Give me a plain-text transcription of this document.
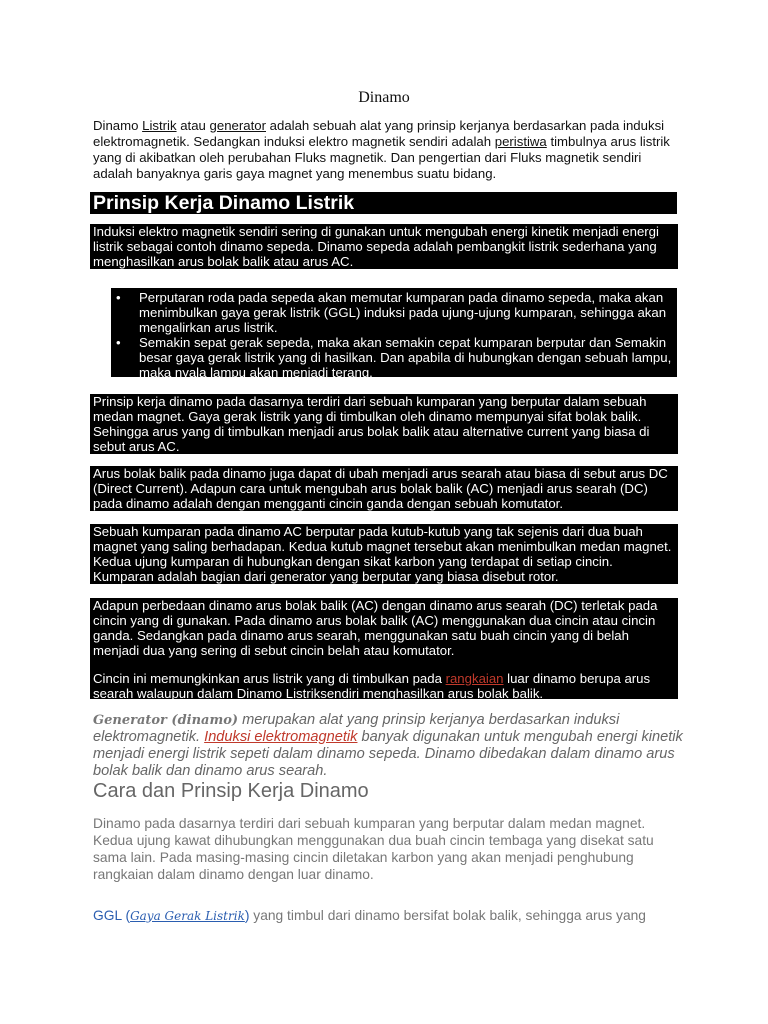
Dinamo

Dinamo Listrik atau generator adalah sebuah alat yang prinsip kerjanya berdasarkan pada induksi elektromagnetik. Sedangkan induksi elektro magnetik sendiri adalah peristiwa timbulnya arus listrik yang di akibatkan oleh perubahan Fluks magnetik. Dan pengertian dari Fluks magnetik sendiri adalah banyaknya garis gaya magnet yang menembus suatu bidang.

Prinsip Kerja Dinamo Listrik
Induksi elektro magnetik sendiri sering di gunakan untuk mengubah energi kinetik menjadi energi listrik sebagai contoh dinamo sepeda. Dinamo sepeda adalah pembangkit listrik sederhana yang menghasilkan arus bolak balik atau arus AC.
• Perputaran roda pada sepeda akan memutar kumparan pada dinamo sepeda, maka akan menimbulkan gaya gerak listrik (GGL) induksi pada ujung-ujung kumparan, sehingga akan mengalirkan arus listrik.
• Semakin sepat gerak sepeda, maka akan semakin cepat kumparan berputar dan Semakin besar gaya gerak listrik yang di hasilkan. Dan apabila di hubungkan dengan sebuah lampu, maka nyala lampu akan menjadi terang.
Prinsip kerja dinamo pada dasarnya terdiri dari sebuah kumparan yang berputar dalam sebuah medan magnet. Gaya gerak listrik yang di timbulkan oleh dinamo mempunyai sifat bolak balik. Sehingga arus yang di timbulkan menjadi arus bolak balik atau alternative current yang biasa di sebut arus AC.
Arus bolak balik pada dinamo juga dapat di ubah menjadi arus searah atau biasa di sebut arus DC (Direct Current). Adapun cara untuk mengubah arus bolak balik (AC) menjadi arus searah (DC) pada dinamo adalah dengan mengganti cincin ganda dengan sebuah komutator.
Sebuah kumparan pada dinamo AC berputar pada kutub-kutub yang tak sejenis dari dua buah magnet yang saling berhadapan. Kedua kutub magnet tersebut akan menimbulkan medan magnet. Kedua ujung kumparan di hubungkan dengan sikat karbon yang terdapat di setiap cincin. Kumparan adalah bagian dari generator yang berputar yang biasa disebut rotor.
Adapun perbedaan dinamo arus bolak balik (AC) dengan dinamo arus searah (DC) terletak pada cincin yang di gunakan. Pada dinamo arus bolak balik (AC) menggunakan dua cincin atau cincin ganda. Sedangkan pada dinamo arus searah, menggunakan satu buah cincin yang di belah menjadi dua yang sering di sebut cincin belah atau komutator.
Cincin ini memungkinkan arus listrik yang di timbulkan pada rangkaian luar dinamo berupa arus searah walaupun dalam Dinamo Listriksendiri menghasilkan arus bolak balik.
Generator (dinamo) merupakan alat yang prinsip kerjanya berdasarkan induksi elektromagnetik. Induksi elektromagnetik banyak digunakan untuk mengubah energi kinetik menjadi energi listrik sepeti dalam dinamo sepeda. Dinamo dibedakan dalam dinamo arus bolak balik dan dinamo arus searah.
Cara dan Prinsip Kerja Dinamo
Dinamo pada dasarnya terdiri dari sebuah kumparan yang berputar dalam medan magnet. Kedua ujung kawat dihubungkan menggunakan dua buah cincin tembaga yang disekat satu sama lain. Pada masing-masing cincin diletakan karbon yang akan menjadi penghubung rangkaian dalam dinamo dengan luar dinamo.
GGL (Gaya Gerak Listrik) yang timbul dari dinamo bersifat bolak balik, sehingga arus yang
